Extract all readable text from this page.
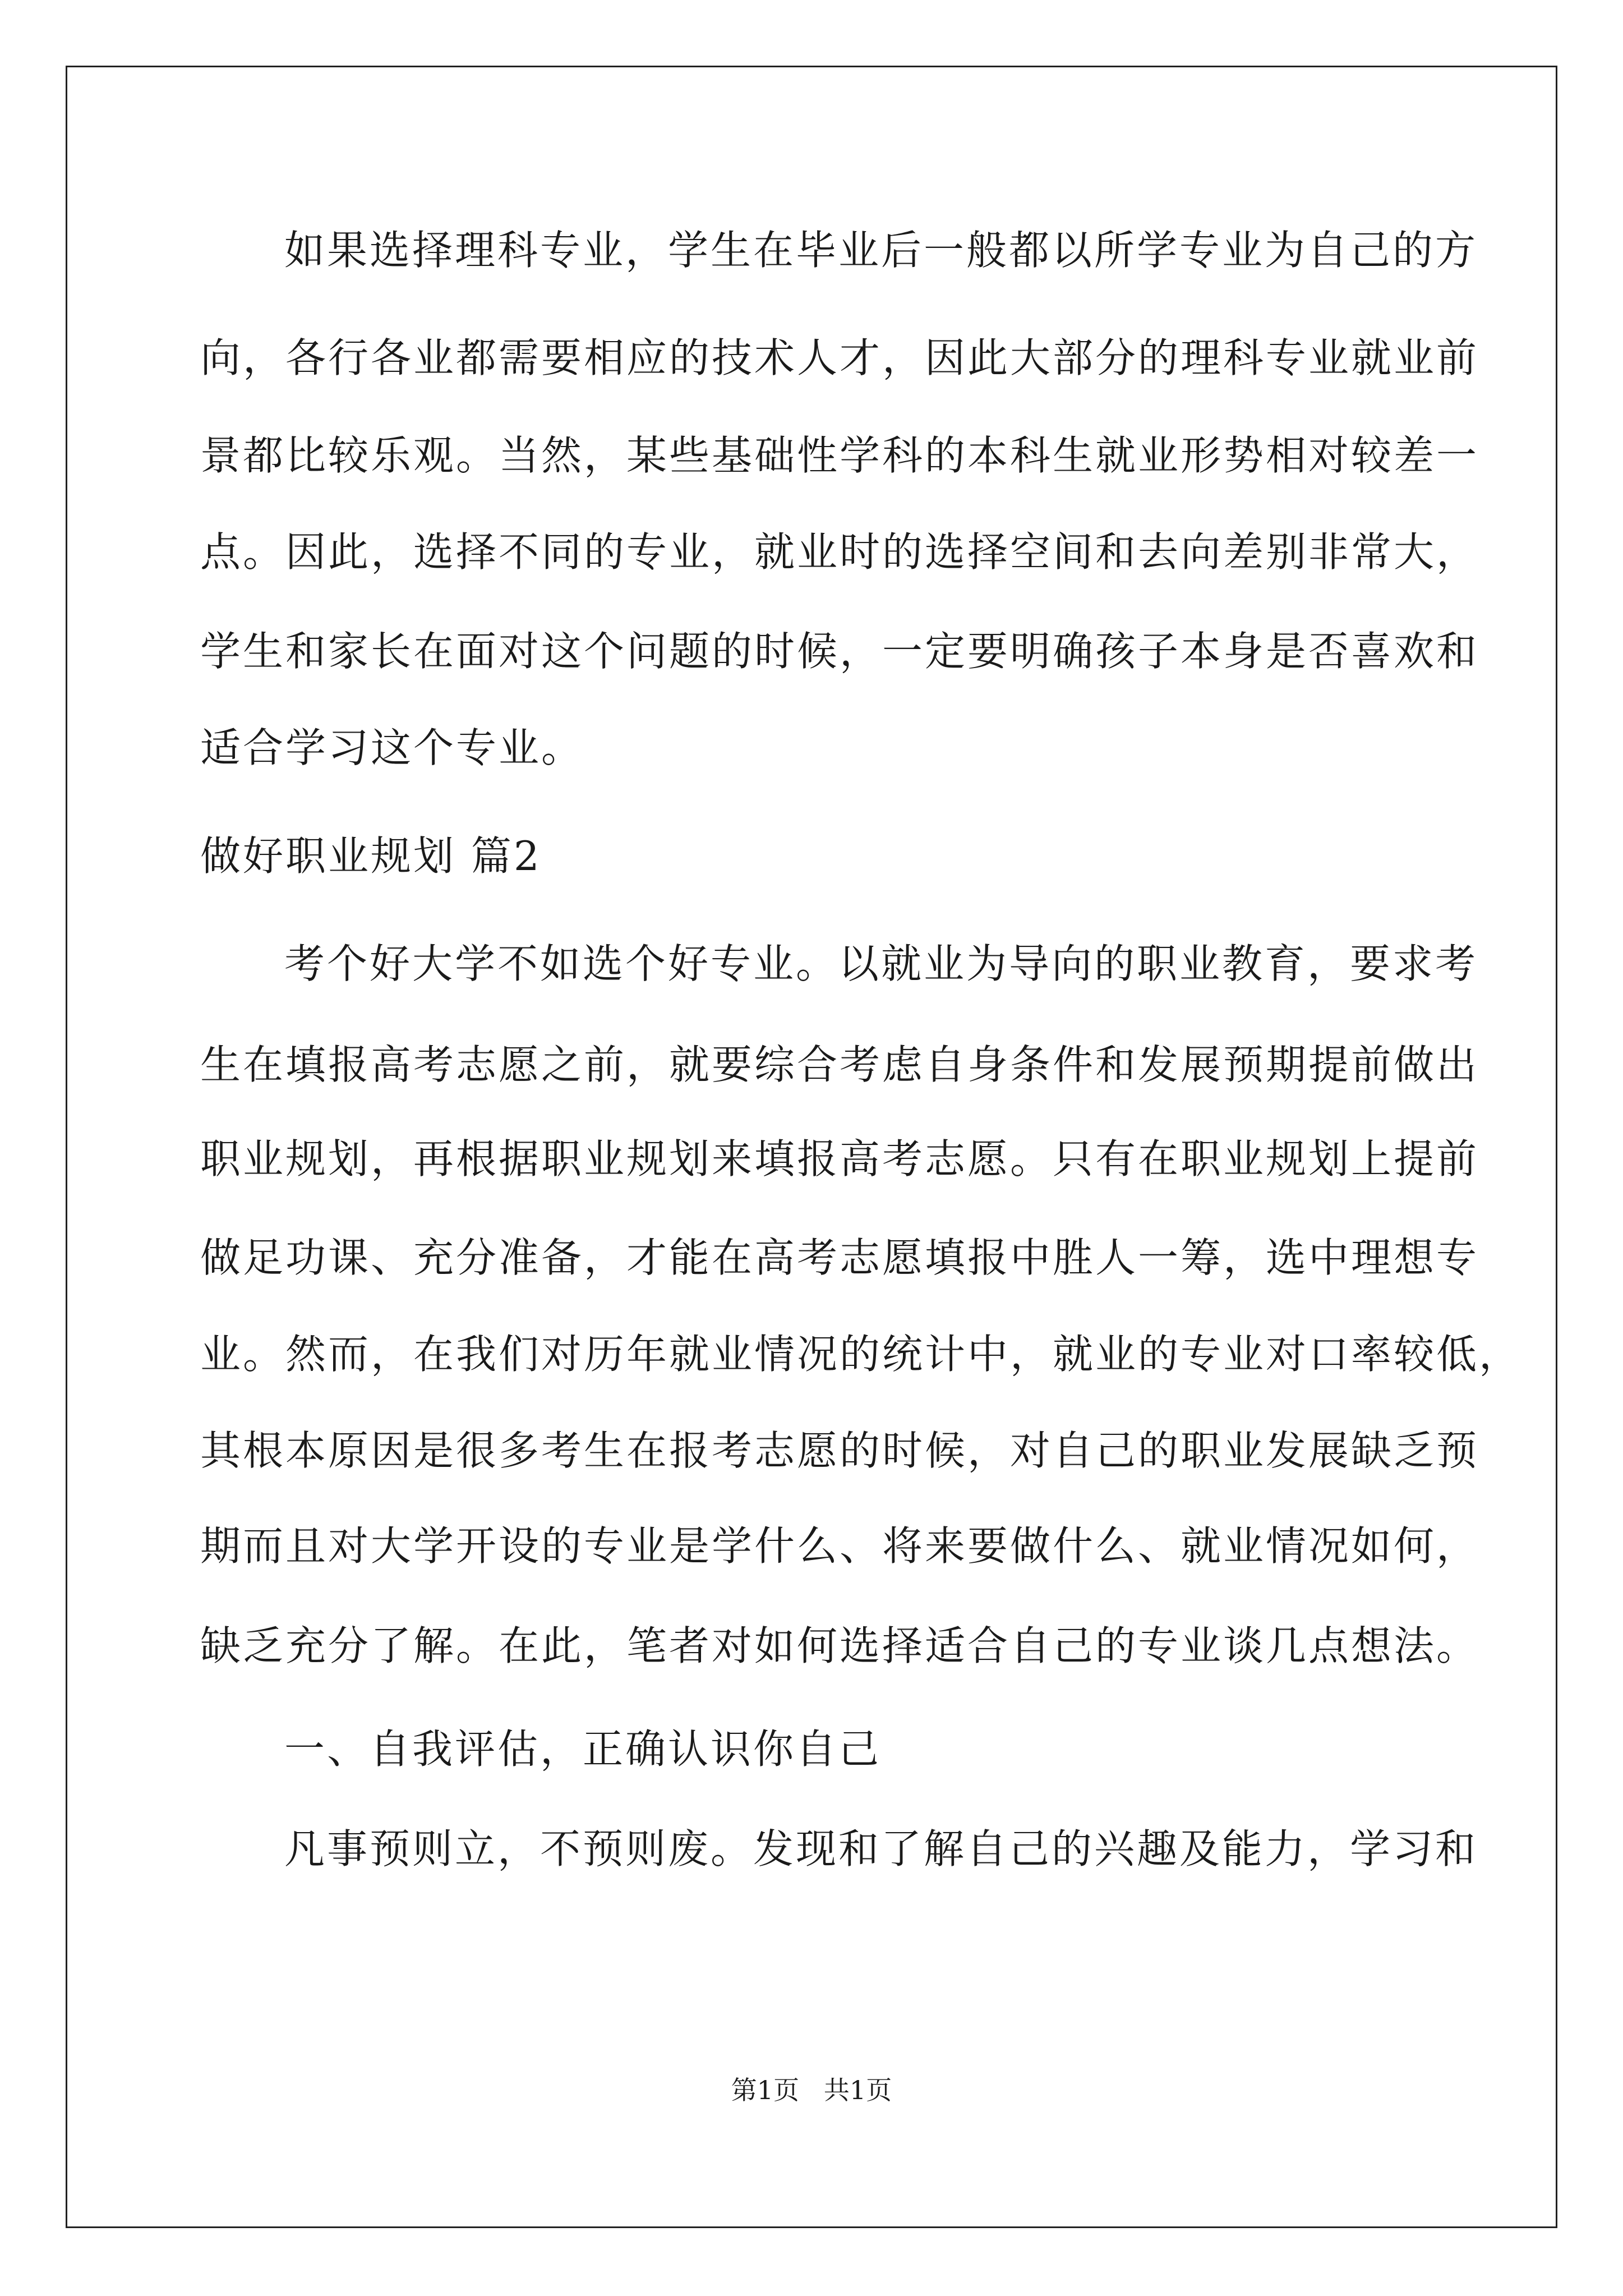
如果选择理科专业，学生在毕业后一般都以所学专业为自己的方
向，各行各业都需要相应的技术人才，因此大部分的理科专业就业前
景都比较乐观。当然，某些基础性学科的本科生就业形势相对较差一
点。因此，选择不同的专业，就业时的选择空间和去向差别非常大，
学生和家长在面对这个问题的时候，一定要明确孩子本身是否喜欢和
适合学习这个专业。
做好职业规划 篇2
考个好大学不如选个好专业。以就业为导向的职业教育，要求考
生在填报高考志愿之前，就要综合考虑自身条件和发展预期提前做出
职业规划，再根据职业规划来填报高考志愿。只有在职业规划上提前
做足功课、充分准备，才能在高考志愿填报中胜人一筹，选中理想专
业。然而，在我们对历年就业情况的统计中，就业的专业对口率较低，
其根本原因是很多考生在报考志愿的时候，对自己的职业发展缺乏预
期而且对大学开设的专业是学什么、将来要做什么、就业情况如何，
缺乏充分了解。在此，笔者对如何选择适合自己的专业谈几点想法。
一、自我评估，正确认识你自己
凡事预则立，不预则废。发现和了解自己的兴趣及能力，学习和
第1页   共1页
